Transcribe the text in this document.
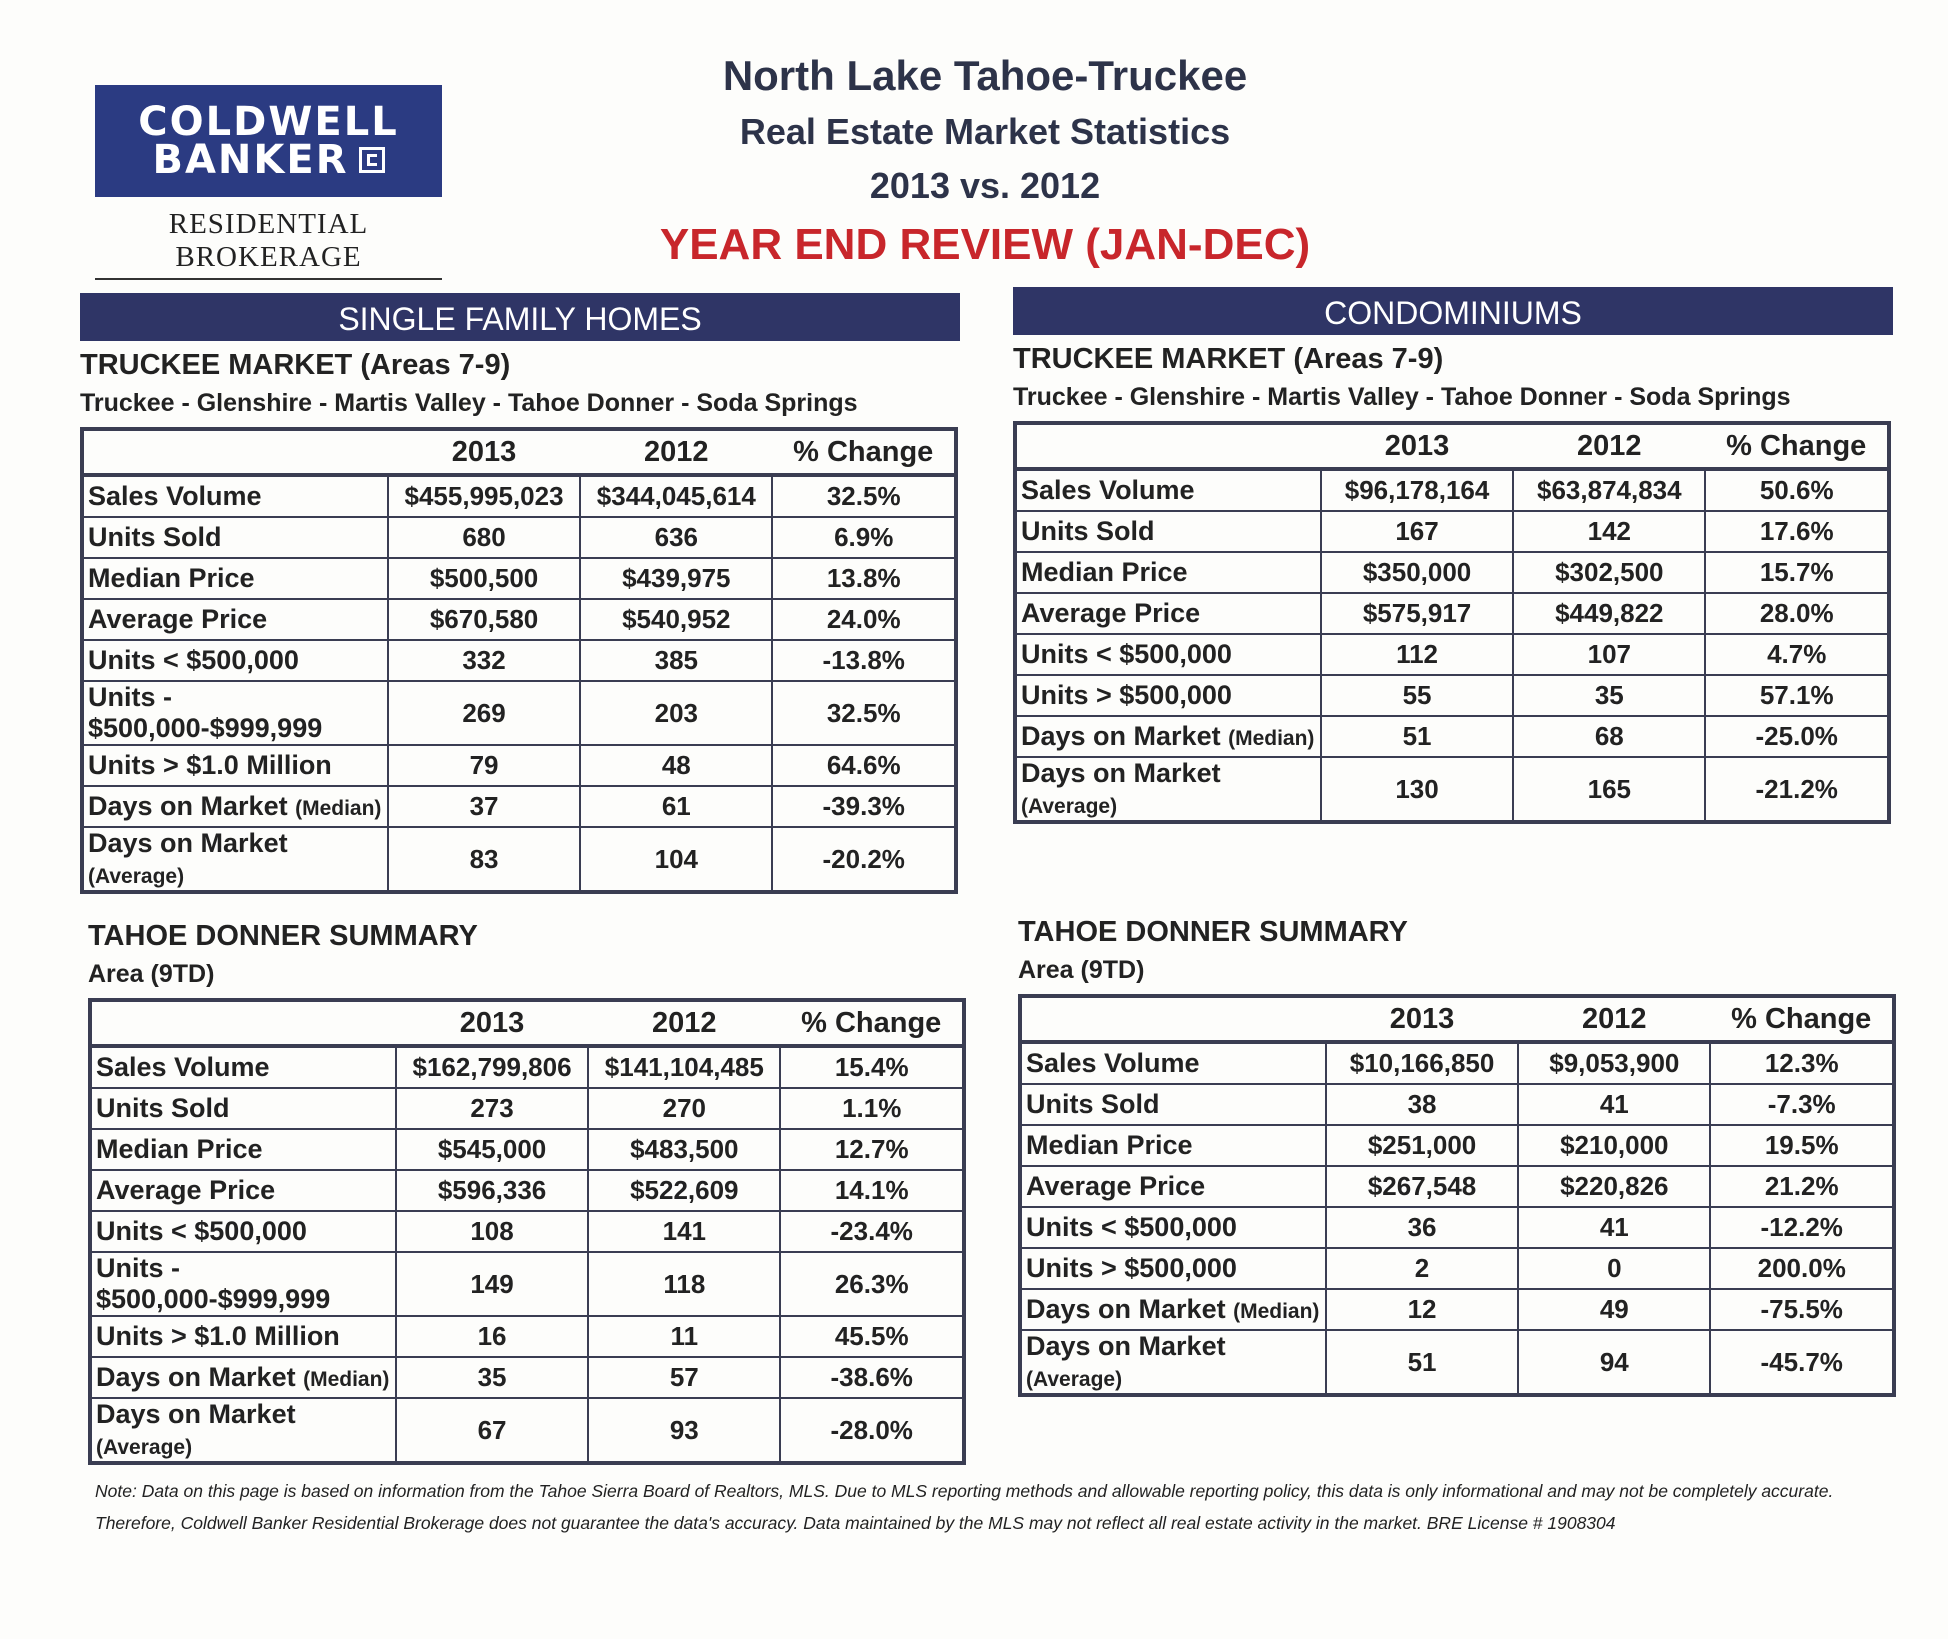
COLDWELL
BANKER
RESIDENTIAL BROKERAGE
North Lake Tahoe-Truckee
Real Estate Market Statistics
2013 vs. 2012
YEAR END REVIEW (JAN-DEC)
SINGLE FAMILY HOMES
TRUCKEE MARKET (Areas 7-9)
Truckee - Glenshire - Martis Valley - Tahoe Donner - Soda Springs
	2013	2012	% Change
Sales Volume	$455,995,023	$344,045,614	32.5%
Units Sold	680	636	6.9%
Median Price	$500,500	$439,975	13.8%
Average Price	$670,580	$540,952	24.0%
Units < $500,000	332	385	-13.8%
Units - $500,000-$999,999	269	203	32.5%
Units > $1.0 Million	79	48	64.6%
Days on Market (Median)	37	61	-39.3%
Days on Market (Average)	83	104	-20.2%
CONDOMINIUMS
TRUCKEE MARKET (Areas 7-9)
Truckee - Glenshire - Martis Valley - Tahoe Donner - Soda Springs
	2013	2012	% Change
Sales Volume	$96,178,164	$63,874,834	50.6%
Units Sold	167	142	17.6%
Median Price	$350,000	$302,500	15.7%
Average Price	$575,917	$449,822	28.0%
Units < $500,000	112	107	4.7%
Units > $500,000	55	35	57.1%
Days on Market (Median)	51	68	-25.0%
Days on Market (Average)	130	165	-21.2%
TAHOE DONNER SUMMARY
Area (9TD)
	2013	2012	% Change
Sales Volume	$162,799,806	$141,104,485	15.4%
Units Sold	273	270	1.1%
Median Price	$545,000	$483,500	12.7%
Average Price	$596,336	$522,609	14.1%
Units < $500,000	108	141	-23.4%
Units - $500,000-$999,999	149	118	26.3%
Units > $1.0 Million	16	11	45.5%
Days on Market (Median)	35	57	-38.6%
Days on Market (Average)	67	93	-28.0%
TAHOE DONNER SUMMARY
Area (9TD)
	2013	2012	% Change
Sales Volume	$10,166,850	$9,053,900	12.3%
Units Sold	38	41	-7.3%
Median Price	$251,000	$210,000	19.5%
Average Price	$267,548	$220,826	21.2%
Units < $500,000	36	41	-12.2%
Units > $500,000	2	0	200.0%
Days on Market (Median)	12	49	-75.5%
Days on Market (Average)	51	94	-45.7%
Note: Data on this page is based on information from the Tahoe Sierra Board of Realtors, MLS. Due to MLS reporting methods and allowable reporting policy, this data is only informational and may not be completely accurate.
Therefore, Coldwell Banker Residential Brokerage does not guarantee the data's accuracy. Data maintained by the MLS may not reflect all real estate activity in the market. BRE License # 1908304
